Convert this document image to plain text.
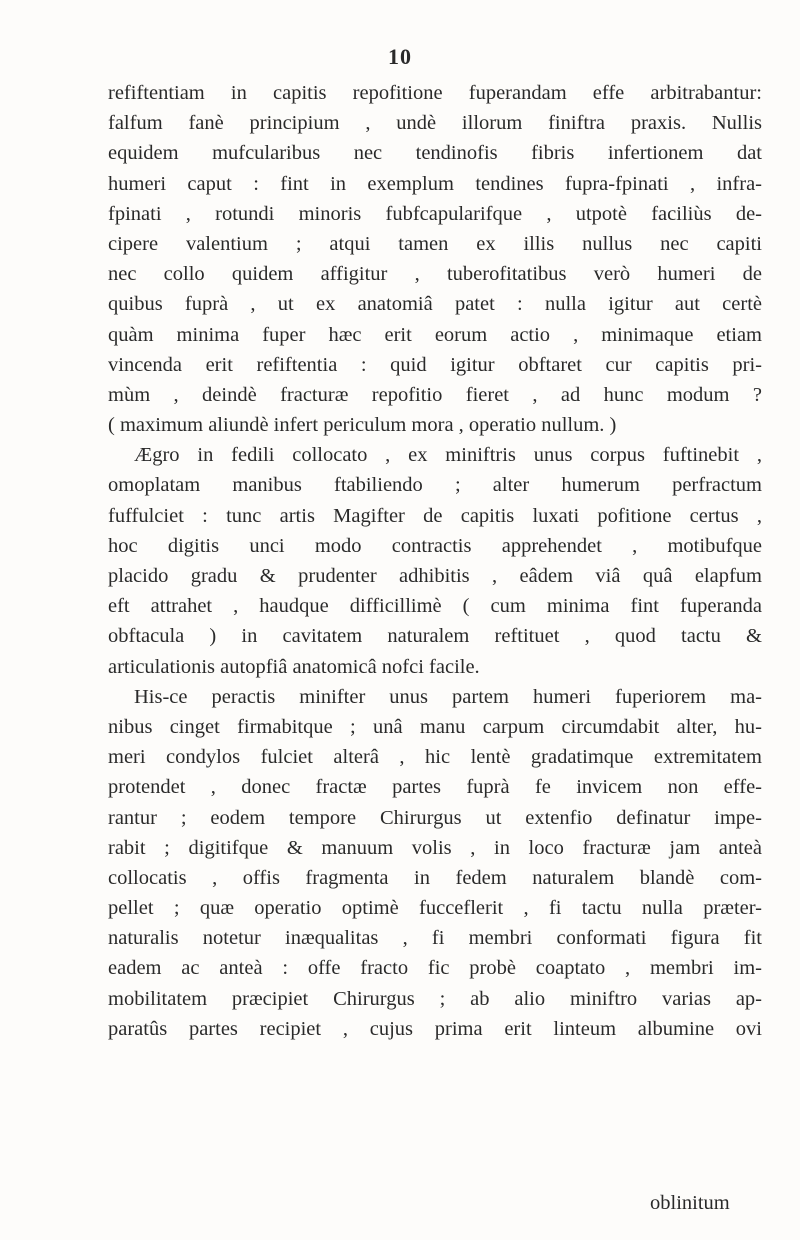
10
refiftentiam in capitis repofitione fuperandam effe arbitrabantur:
falfum fanè principium , undè illorum finiftra praxis. Nullis
equidem mufcularibus nec tendinofis fibris infertionem dat
humeri caput : fint in exemplum tendines fupra-fpinati , infra-
fpinati , rotundi minoris fubfcapularifque , utpotè faciliùs de-
cipere valentium ; atqui tamen ex illis nullus nec capiti
nec collo quidem affigitur , tuberofitatibus verò humeri de
quibus fuprà , ut ex anatomiâ patet : nulla igitur aut certè
quàm minima fuper hæc erit eorum actio , minimaque etiam
vincenda erit refiftentia : quid igitur obftaret cur capitis pri-
mùm , deindè fracturæ repofitio fieret , ad hunc modum ?
( maximum aliundè infert periculum mora , operatio nullum. )
Ægro in fedili collocato , ex miniftris unus corpus fuftinebit ,
omoplatam manibus ftabiliendo ; alter humerum perfractum
fuffulciet : tunc artis Magifter de capitis luxati pofitione certus ,
hoc digitis unci modo contractis apprehendet , motibufque
placido gradu & prudenter adhibitis , eâdem viâ quâ elapfum
eft attrahet , haudque difficillimè ( cum minima fint fuperanda
obftacula ) in cavitatem naturalem reftituet , quod tactu &
articulationis autopfiâ anatomicâ nofci facile.
His-ce peractis minifter unus partem humeri fuperiorem ma-
nibus cinget firmabitque ; unâ manu carpum circumdabit alter, hu-
meri condylos fulciet alterâ , hic lentè gradatimque extremitatem
protendet , donec fractæ partes fuprà fe invicem non effe-
rantur ; eodem tempore Chirurgus ut extenfio definatur impe-
rabit ; digitifque & manuum volis , in loco fracturæ jam anteà
collocatis , offis fragmenta in fedem naturalem blandè com-
pellet ; quæ operatio optimè fucceflerit , fi tactu nulla præter-
naturalis notetur inæqualitas , fi membri conformati figura fit
eadem ac anteà : offe fracto fic probè coaptato , membri im-
mobilitatem præcipiet Chirurgus ; ab alio miniftro varias ap-
paratûs partes recipiet , cujus prima erit linteum albumine ovi
oblinitum
